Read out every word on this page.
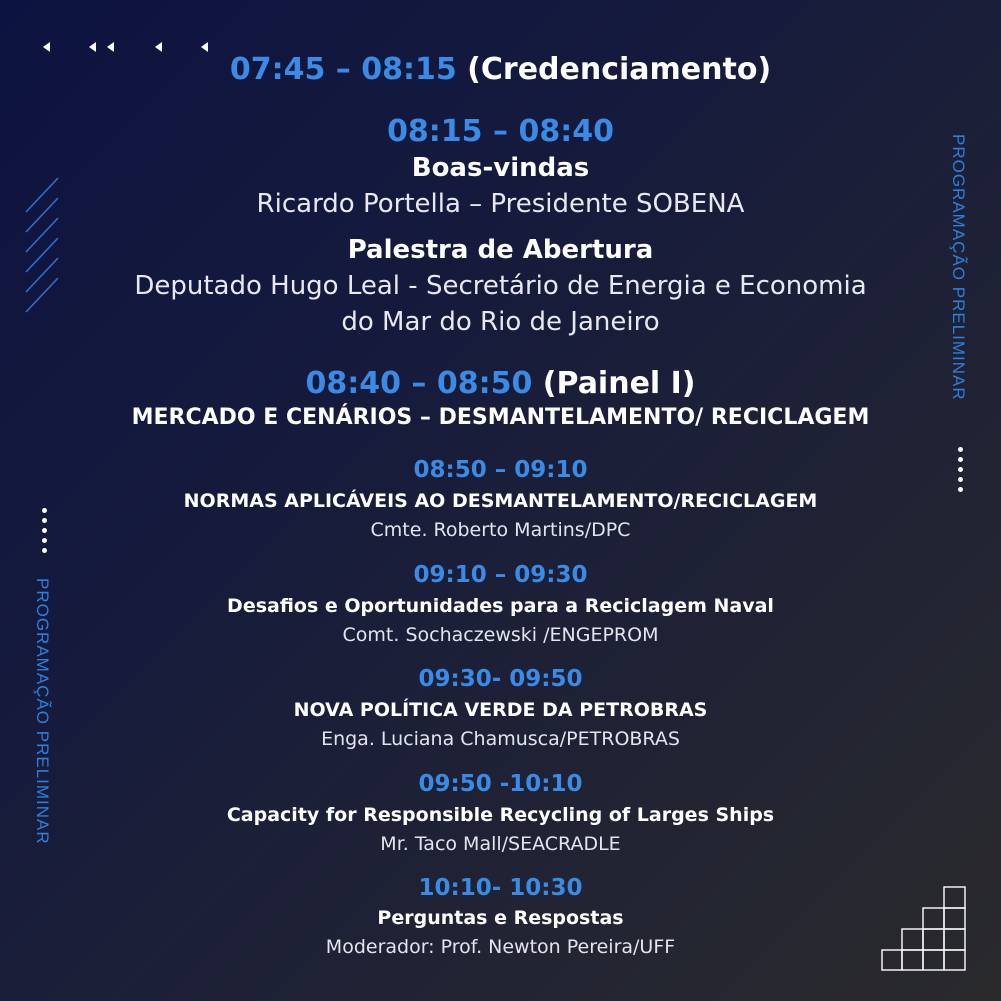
PROGRAMAÇÃO PRELIMINAR
PROGRAMAÇÃO PRELIMINAR
07:45 – 08:15 (Credenciamento)
08:15 – 08:40
Boas-vindas
Ricardo Portella – Presidente SOBENA
Palestra de Abertura
Deputado Hugo Leal - Secretário de Energia e Economia
do Mar do Rio de Janeiro
08:40 – 08:50 (Painel I)
MERCADO E CENÁRIOS – DESMANTELAMENTO/ RECICLAGEM
08:50 – 09:10
NORMAS APLICÁVEIS AO DESMANTELAMENTO/RECICLAGEM
Cmte. Roberto Martins/DPC
09:10 – 09:30
Desafios e Oportunidades para a Reciclagem Naval
Comt. Sochaczewski /ENGEPROM
09:30- 09:50
NOVA POLÍTICA VERDE DA PETROBRAS
Enga. Luciana Chamusca/PETROBRAS
09:50 -10:10
Capacity for Responsible Recycling of Larges Ships
Mr. Taco Mall/SEACRADLE
10:10- 10:30
Perguntas e Respostas
Moderador: Prof. Newton Pereira/UFF
